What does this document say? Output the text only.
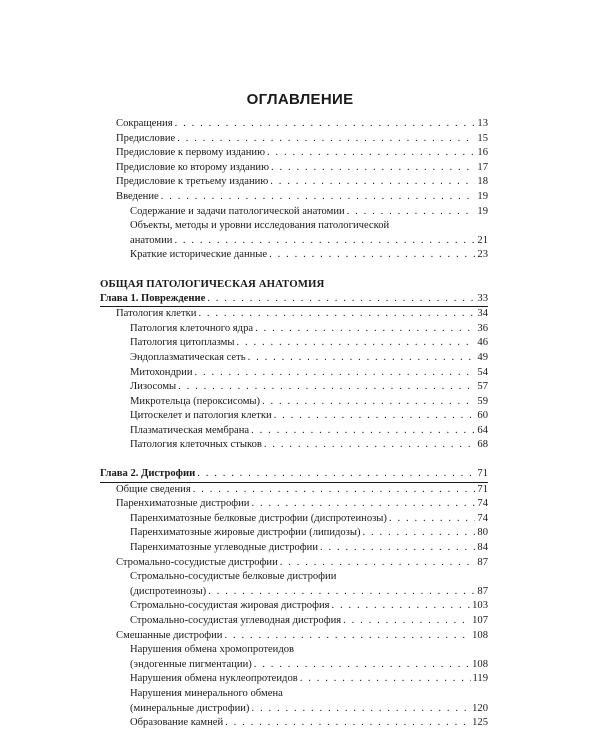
ОГЛАВЛЕНИЕ
Сокращения . . .	13
Предисловие . . .	15
Предисловие к первому изданию . . .	16
Предисловие ко второму изданию . . .	17
Предисловие к третьему изданию . . .	18
Введение . . .	19
Содержание и задачи патологической анатомии . . .	19
Объекты, методы и уровни исследования патологической
анатомии . . .	21
Краткие исторические данные . . .	23
ОБЩАЯ ПАТОЛОГИЧЕСКАЯ АНАТОМИЯ
Глава 1. Повреждение . . .	33
Патология клетки . . .	34
Патология клеточного ядра . . .	36
Патология цитоплазмы . . .	46
Эндоплазматическая сеть . . .	49
Митохондрии . . .	54
Лизосомы . . .	57
Микротельца (пероксисомы) . . .	59
Цитоскелет и патология клетки . . .	60
Плазматическая мембрана . . .	64
Патология клеточных стыков . . .	68
Глава 2. Дистрофии . . .	71
Общие сведения . . .	71
Паренхиматозные дистрофии . . .	74
Паренхиматозные белковые дистрофии (диспротеинозы) . . .	74
Паренхиматозные жировые дистрофии (липидозы) . . .	80
Паренхиматозные углеводные дистрофии . . .	84
Стромально-сосудистые дистрофии . . .	87
Стромально-сосудистые белковые дистрофии
(диспротеинозы) . . .	87
Стромально-сосудистая жировая дистрофия . . .	103
Стромально-сосудистая углеводная дистрофия . . .	107
Смешанные дистрофии . . .	108
Нарушения обмена хромопротеидов
(эндогенные пигментации) . . .	108
Нарушения обмена нуклеопротеидов . . .	119
Нарушения минерального обмена
(минеральные дистрофии) . . .	120
Образование камней . . .	125
